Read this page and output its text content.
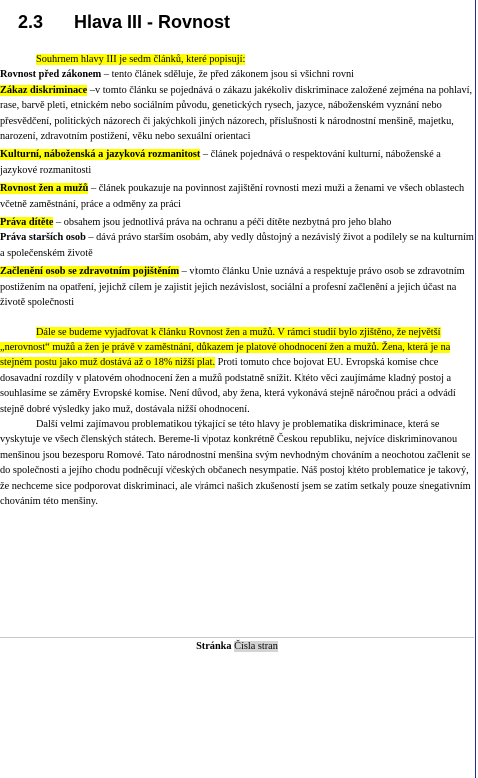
2.3 Hlava III - Rovnost

Souhrnem hlavy III je sedm článků, které popisují:

Rovnost před zákonem – tento článek sděluje, že před zákonem jsou si všichni rovni

Zákaz diskriminace –v tomto článku se pojednává o zákazu jakékoliv diskriminace založené zejména na pohlaví, rase, barvě pleti, etnickém nebo sociálním původu, genetických rysech, jazyce, náboženském vyznání nebo přesvědčení, politických názorech či jakýchkoli jiných názorech, příslušnosti k národnostní menšině, majetku, narození, zdravotním postižení, věku nebo sexuální orientaci

Kulturní, náboženská a jazyková rozmanitost – článek pojednává o respektování kulturní, náboženské a jazykové rozmanitosti

Rovnost žen a mužů – článek poukazuje na povinnost zajištění rovnosti mezi muži a ženami ve všech oblastech včetně zaměstnání, práce a odměny za práci

Práva dítěte – obsahem jsou jednotlivá práva na ochranu a péči dítěte nezbytná pro jeho blaho

Práva starších osob – dává právo starším osobám, aby vedly důstojný a nezávislý život a podílely se na kulturním a společenském životě

Začlenění osob se zdravotním pojištěním – vtomto článku Unie uznává a respektuje právo osob se zdravotním postižením na opatření, jejichž cílem je zajistit jejich nezávislost, sociální a profesní začlenění a jejich účast na životě společnosti

Dále se budeme vyjadřovat k článku Rovnost žen a mužů. V rámci studií bylo zjištěno, že největší „nerovnost“ mužů a žen je právě v zaměstnání, důkazem je platové ohodnocení žen a mužů. Žena, která je na stejném postu jako muž dostává až o 18% nižší plat. Proti tomuto chce bojovat EU. Evropská komise chce dosavadní rozdíly v platovém ohodnocení žen a mužů podstatně snížit. Ktéto věci zaujímáme kladný postoj a souhlasíme se záměry Evropské komise. Není důvod, aby žena, která vykonává stejně náročnou práci a odvádí stejně dobré výsledky jako muž, dostávala nižší ohodnocení.

Další velmi zajímavou problematikou týkající se této hlavy je problematika diskriminace, která se vyskytuje ve všech členských státech. Bereme-li vpotaz konkrétně Českou republiku, nejvíce diskriminovanou menšinou jsou bezesporu Romové. Tato národnostní menšina svým nevhodným chováním a neochotou začlenit se do společnosti a jejího chodu podněcují včeských občanech nesympatie. Náš postoj ktéto problematice je takový, že nechceme sice podporovat diskriminaci, ale vrámci našich zkušeností jsem se zatím setkaly pouze snegativním chováním této menšiny.

Stránka Čísla stran
